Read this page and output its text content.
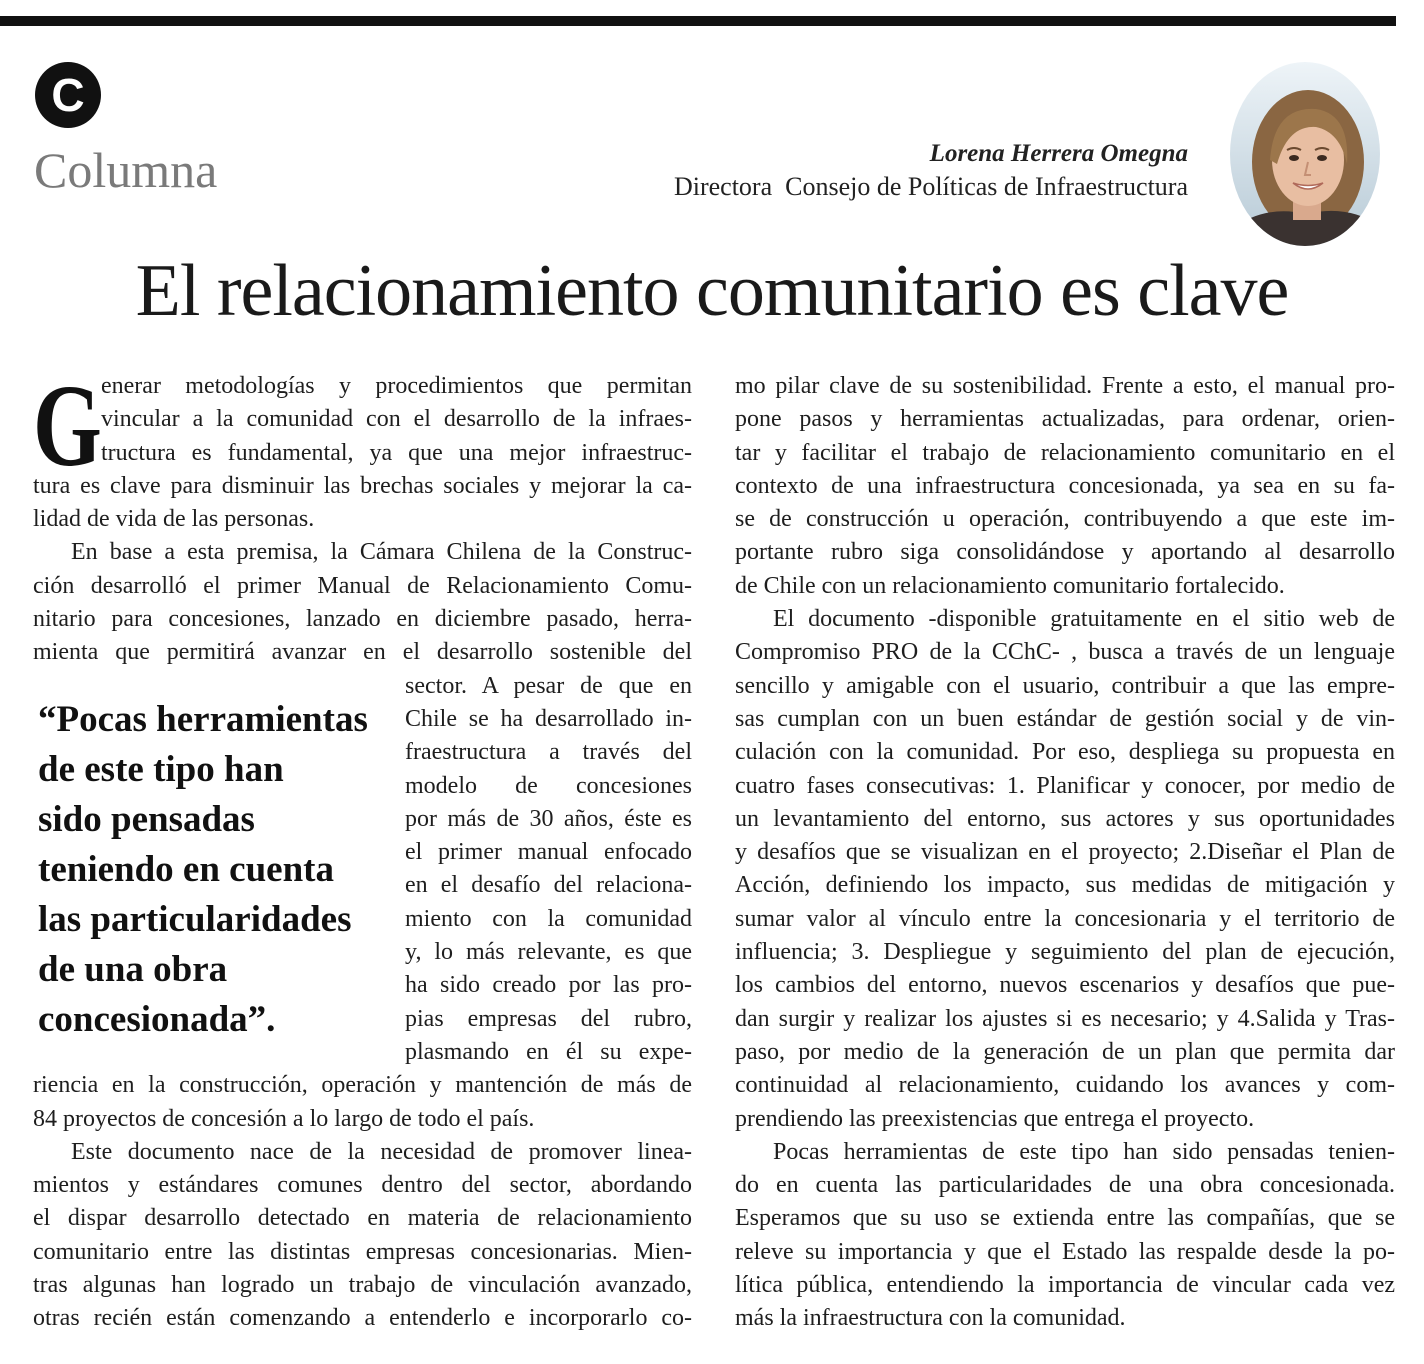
C
Columna	Lorena Herrera Omegna
Directora  Consejo de Políticas de Infraestructura
El relacionamiento comunitario es clave
G enerar metodologías y procedimientos que permitan
vincular a la comunidad con el desarrollo de la infraes-
tructura es fundamental, ya que una mejor infraestruc-
tura es clave para disminuir las brechas sociales y mejorar la ca-
lidad de vida de las personas.
En base a esta premisa, la Cámara Chilena de la Construc-
ción desarrolló el primer Manual de Relacionamiento Comu-
nitario para concesiones, lanzado en diciembre pasado, herra-
mienta que permitirá avanzar en el desarrollo sostenible del
sector. A pesar de que en
Chile se ha desarrollado in-
fraestructura a través del
modelo de concesiones
por más de 30 años, éste es
el primer manual enfocado
en el desafío del relaciona-
miento con la comunidad
y, lo más relevante, es que
ha sido creado por las pro-
pias empresas del rubro,
plasmando en él su expe-
riencia en la construcción, operación y mantención de más de
84 proyectos de concesión a lo largo de todo el país.
Este documento nace de la necesidad de promover linea-
mientos y estándares comunes dentro del sector, abordando
el dispar desarrollo detectado en materia de relacionamiento
comunitario entre las distintas empresas concesionarias. Mien-
tras algunas han logrado un trabajo de vinculación avanzado,
otras recién están comenzando a entenderlo e incorporarlo co-
“Pocas herramientas
de este tipo han
sido pensadas
teniendo en cuenta
las particularidades
de una obra
concesionada”.
mo pilar clave de su sostenibilidad. Frente a esto, el manual pro-
pone pasos y herramientas actualizadas, para ordenar, orien-
tar y facilitar el trabajo de relacionamiento comunitario en el
contexto de una infraestructura concesionada, ya sea en su fa-
se de construcción u operación, contribuyendo a que este im-
portante rubro siga consolidándose y aportando al desarrollo
de Chile con un relacionamiento comunitario fortalecido.
El documento -disponible gratuitamente en el sitio web de
Compromiso PRO de la CChC- , busca a través de un lenguaje
sencillo y amigable con el usuario, contribuir a que las empre-
sas cumplan con un buen estándar de gestión social y de vin-
culación con la comunidad. Por eso, despliega su propuesta en
cuatro fases consecutivas: 1. Planificar y conocer, por medio de
un levantamiento del entorno, sus actores y sus oportunidades
y desafíos que se visualizan en el proyecto; 2.Diseñar el Plan de
Acción, definiendo los impacto, sus medidas de mitigación y
sumar valor al vínculo entre la concesionaria y el territorio de
influencia; 3. Despliegue y seguimiento del plan de ejecución,
los cambios del entorno, nuevos escenarios y desafíos que pue-
dan surgir y realizar los ajustes si es necesario; y 4.Salida y Tras-
paso, por medio de la generación de un plan que permita dar
continuidad al relacionamiento, cuidando los avances y com-
prendiendo las preexistencias que entrega el proyecto.
Pocas herramientas de este tipo han sido pensadas tenien-
do en cuenta las particularidades de una obra concesionada.
Esperamos que su uso se extienda entre las compañías, que se
releve su importancia y que el Estado las respalde desde la po-
lítica pública, entendiendo la importancia de vincular cada vez
más la infraestructura con la comunidad.
